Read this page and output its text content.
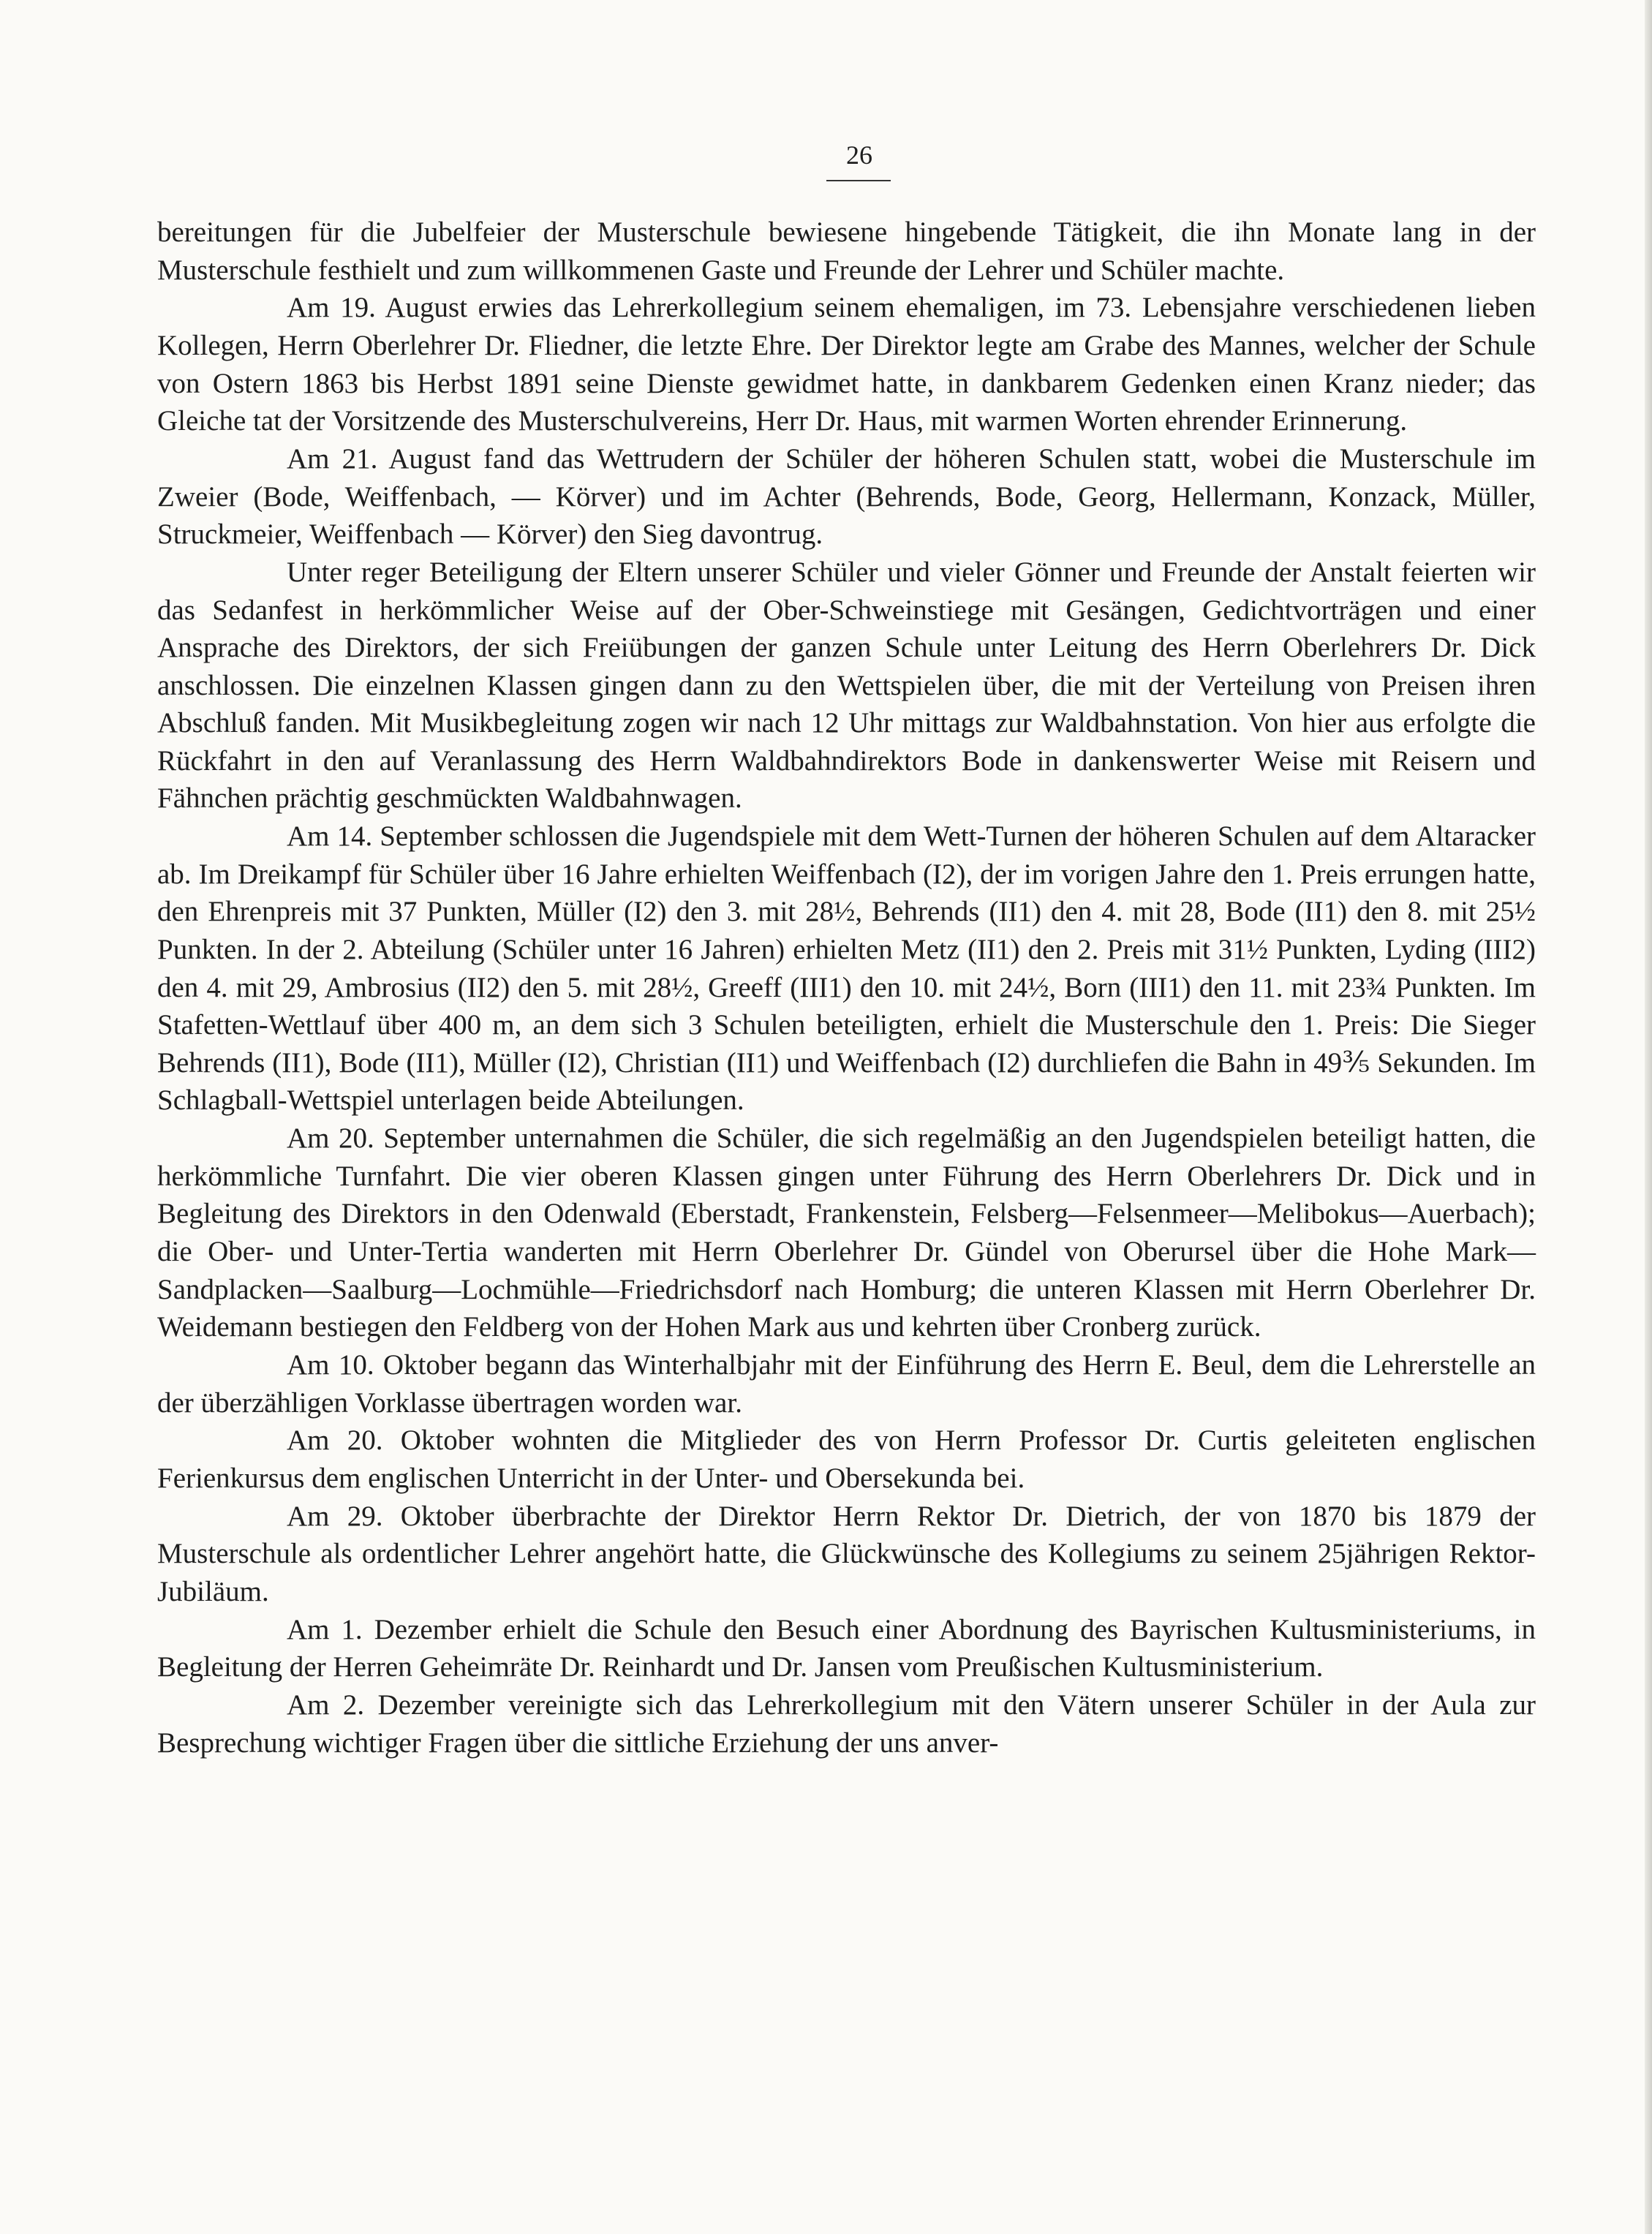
26

bereitungen für die Jubelfeier der Musterschule bewiesene hingebende Tätigkeit, die ihn Monate lang in der Musterschule festhielt und zum willkommenen Gaste und Freunde der Lehrer und Schüler machte.

Am 19. August erwies das Lehrerkollegium seinem ehemaligen, im 73. Lebensjahre verschiedenen lieben Kollegen, Herrn Oberlehrer Dr. Fliedner, die letzte Ehre. Der Direktor legte am Grabe des Mannes, welcher der Schule von Ostern 1863 bis Herbst 1891 seine Dienste gewidmet hatte, in dankbarem Gedenken einen Kranz nieder; das Gleiche tat der Vorsitzende des Musterschulvereins, Herr Dr. Haus, mit warmen Worten ehrender Erinnerung.

Am 21. August fand das Wettrudern der Schüler der höheren Schulen statt, wobei die Musterschule im Zweier (Bode, Weiffenbach, — Körver) und im Achter (Behrends, Bode, Georg, Hellermann, Konzack, Müller, Struckmeier, Weiffenbach — Körver) den Sieg davontrug.

Unter reger Beteiligung der Eltern unserer Schüler und vieler Gönner und Freunde der Anstalt feierten wir das Sedanfest in herkömmlicher Weise auf der Ober-Schweinstiege mit Gesängen, Gedichtvorträgen und einer Ansprache des Direktors, der sich Freiübungen der ganzen Schule unter Leitung des Herrn Oberlehrers Dr. Dick anschlossen. Die einzelnen Klassen gingen dann zu den Wettspielen über, die mit der Verteilung von Preisen ihren Abschluß fanden. Mit Musikbegleitung zogen wir nach 12 Uhr mittags zur Waldbahnstation. Von hier aus erfolgte die Rückfahrt in den auf Veranlassung des Herrn Waldbahndirektors Bode in dankenswerter Weise mit Reisern und Fähnchen prächtig geschmückten Waldbahnwagen.

Am 14. September schlossen die Jugendspiele mit dem Wett-Turnen der höheren Schulen auf dem Altaracker ab. Im Dreikampf für Schüler über 16 Jahre erhielten Weiffenbach (I2), der im vorigen Jahre den 1. Preis errungen hatte, den Ehrenpreis mit 37 Punkten, Müller (I2) den 3. mit 28½, Behrends (II1) den 4. mit 28, Bode (II1) den 8. mit 25½ Punkten. In der 2. Abteilung (Schüler unter 16 Jahren) erhielten Metz (II1) den 2. Preis mit 31½ Punkten, Lyding (III2) den 4. mit 29, Ambrosius (II2) den 5. mit 28½, Greeff (III1) den 10. mit 24½, Born (III1) den 11. mit 23¾ Punkten. Im Stafetten-Wettlauf über 400 m, an dem sich 3 Schulen beteiligten, erhielt die Musterschule den 1. Preis: Die Sieger Behrends (II1), Bode (II1), Müller (I2), Christian (II1) und Weiffenbach (I2) durchliefen die Bahn in 49⅗ Sekunden. Im Schlagball-Wettspiel unterlagen beide Abteilungen.

Am 20. September unternahmen die Schüler, die sich regelmäßig an den Jugendspielen beteiligt hatten, die herkömmliche Turnfahrt. Die vier oberen Klassen gingen unter Führung des Herrn Oberlehrers Dr. Dick und in Begleitung des Direktors in den Odenwald (Eberstadt, Frankenstein, Felsberg—Felsenmeer—Melibokus—Auerbach); die Ober- und Unter-Tertia wanderten mit Herrn Oberlehrer Dr. Gündel von Oberursel über die Hohe Mark—Sandplacken—Saalburg—Lochmühle—Friedrichsdorf nach Homburg; die unteren Klassen mit Herrn Oberlehrer Dr. Weidemann bestiegen den Feldberg von der Hohen Mark aus und kehrten über Cronberg zurück.

Am 10. Oktober begann das Winterhalbjahr mit der Einführung des Herrn E. Beul, dem die Lehrerstelle an der überzähligen Vorklasse übertragen worden war.

Am 20. Oktober wohnten die Mitglieder des von Herrn Professor Dr. Curtis geleiteten englischen Ferienkursus dem englischen Unterricht in der Unter- und Obersekunda bei.

Am 29. Oktober überbrachte der Direktor Herrn Rektor Dr. Dietrich, der von 1870 bis 1879 der Musterschule als ordentlicher Lehrer angehört hatte, die Glückwünsche des Kollegiums zu seinem 25jährigen Rektor-Jubiläum.

Am 1. Dezember erhielt die Schule den Besuch einer Abordnung des Bayrischen Kultusministeriums, in Begleitung der Herren Geheimräte Dr. Reinhardt und Dr. Jansen vom Preußischen Kultusministerium.

Am 2. Dezember vereinigte sich das Lehrerkollegium mit den Vätern unserer Schüler in der Aula zur Besprechung wichtiger Fragen über die sittliche Erziehung der uns anver-
